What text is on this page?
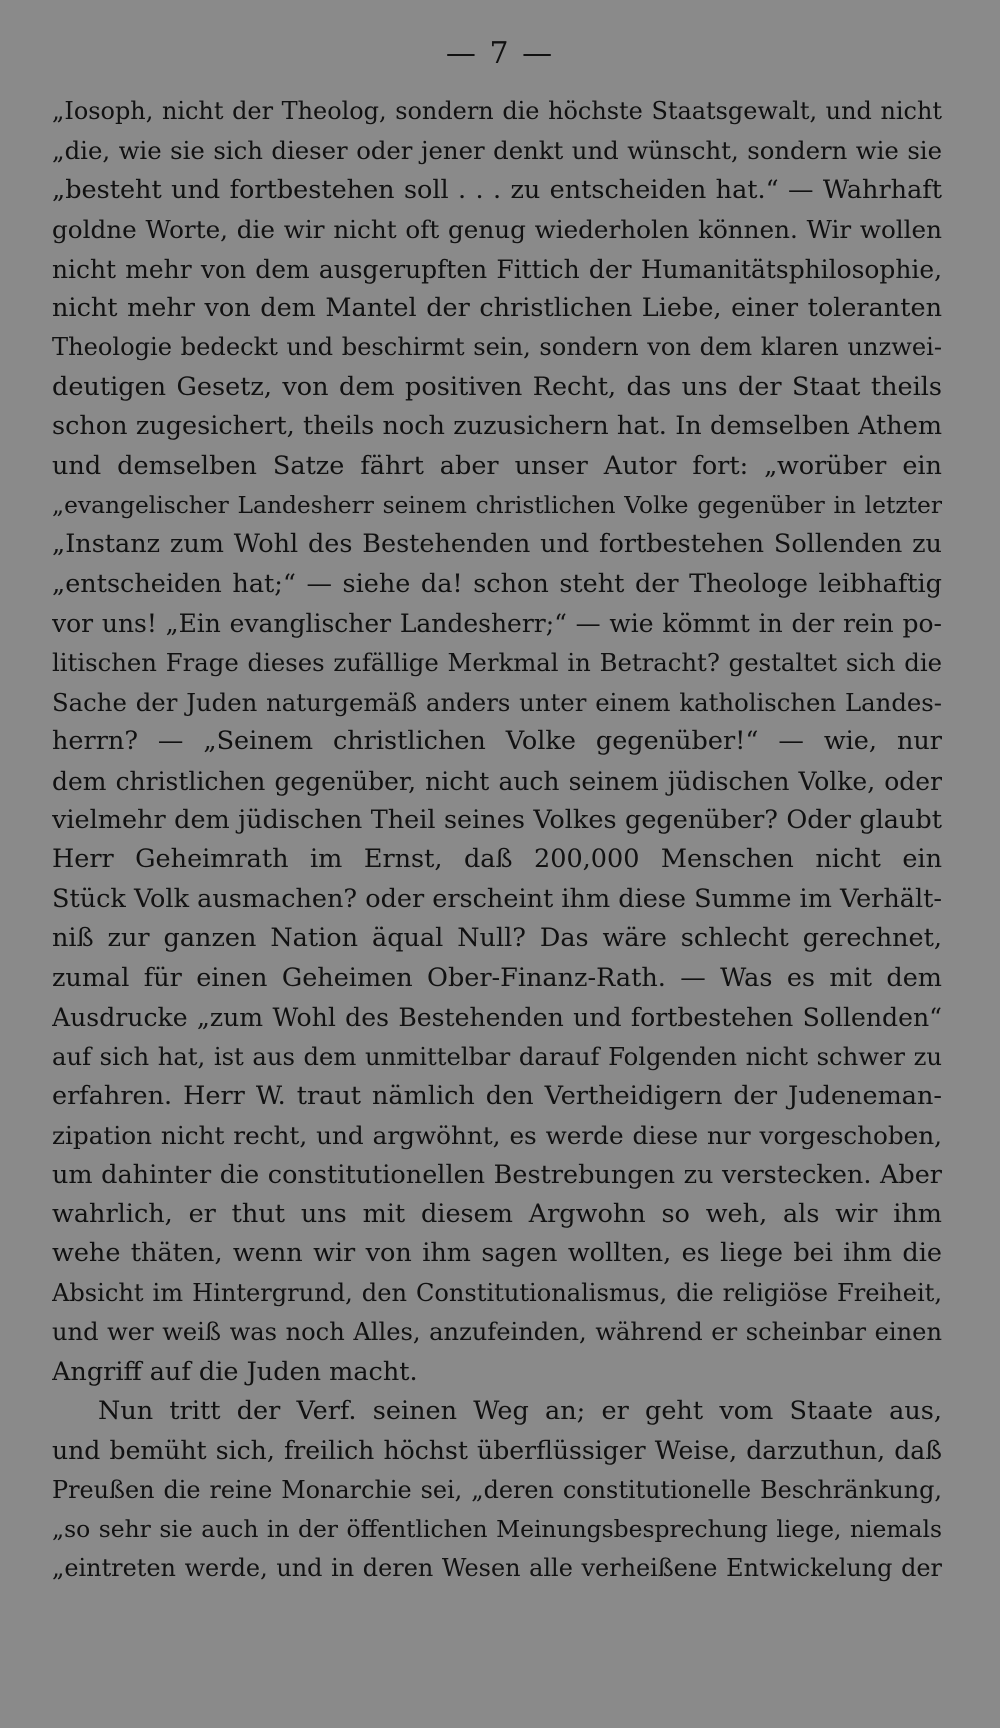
— 7 —
„Iosoph, nicht der Theolog, sondern die höchste Staatsgewalt, und nicht
„die, wie sie sich dieser oder jener denkt und wünscht, sondern wie sie
„besteht und fortbestehen soll . . . zu entscheiden hat.“ — Wahrhaft
goldne Worte, die wir nicht oft genug wiederholen können. Wir wollen
nicht mehr von dem ausgerupften Fittich der Humanitätsphilosophie,
nicht mehr von dem Mantel der christlichen Liebe, einer toleranten
Theologie bedeckt und beschirmt sein, sondern von dem klaren unzwei-
deutigen Gesetz, von dem positiven Recht, das uns der Staat theils
schon zugesichert, theils noch zuzusichern hat. In demselben Athem
und demselben Satze fährt aber unser Autor fort: „worüber ein
„evangelischer Landesherr seinem christlichen Volke gegenüber in letzter
„Instanz zum Wohl des Bestehenden und fortbestehen Sollenden zu
„entscheiden hat;“ — siehe da! schon steht der Theologe leibhaftig
vor uns! „Ein evanglischer Landesherr;“ — wie kömmt in der rein po-
litischen Frage dieses zufällige Merkmal in Betracht? gestaltet sich die
Sache der Juden naturgemäß anders unter einem katholischen Landes-
herrn? — „Seinem christlichen Volke gegenüber!“ — wie, nur
dem christlichen gegenüber, nicht auch seinem jüdischen Volke, oder
vielmehr dem jüdischen Theil seines Volkes gegenüber? Oder glaubt
Herr Geheimrath im Ernst, daß 200,000 Menschen nicht ein
Stück Volk ausmachen? oder erscheint ihm diese Summe im Verhält-
niß zur ganzen Nation äqual Null? Das wäre schlecht gerechnet,
zumal für einen Geheimen Ober-Finanz-Rath. — Was es mit dem
Ausdrucke „zum Wohl des Bestehenden und fortbestehen Sollenden“
auf sich hat, ist aus dem unmittelbar darauf Folgenden nicht schwer zu
erfahren. Herr W. traut nämlich den Vertheidigern der Judeneman-
zipation nicht recht, und argwöhnt, es werde diese nur vorgeschoben,
um dahinter die constitutionellen Bestrebungen zu verstecken. Aber
wahrlich, er thut uns mit diesem Argwohn so weh, als wir ihm
wehe thäten, wenn wir von ihm sagen wollten, es liege bei ihm die
Absicht im Hintergrund, den Constitutionalismus, die religiöse Freiheit,
und wer weiß was noch Alles, anzufeinden, während er scheinbar einen
Angriff auf die Juden macht.
Nun tritt der Verf. seinen Weg an; er geht vom Staate aus,
und bemüht sich, freilich höchst überflüssiger Weise, darzuthun, daß
Preußen die reine Monarchie sei, „deren constitutionelle Beschränkung,
„so sehr sie auch in der öffentlichen Meinungsbesprechung liege, niemals
„eintreten werde, und in deren Wesen alle verheißene Entwickelung der
